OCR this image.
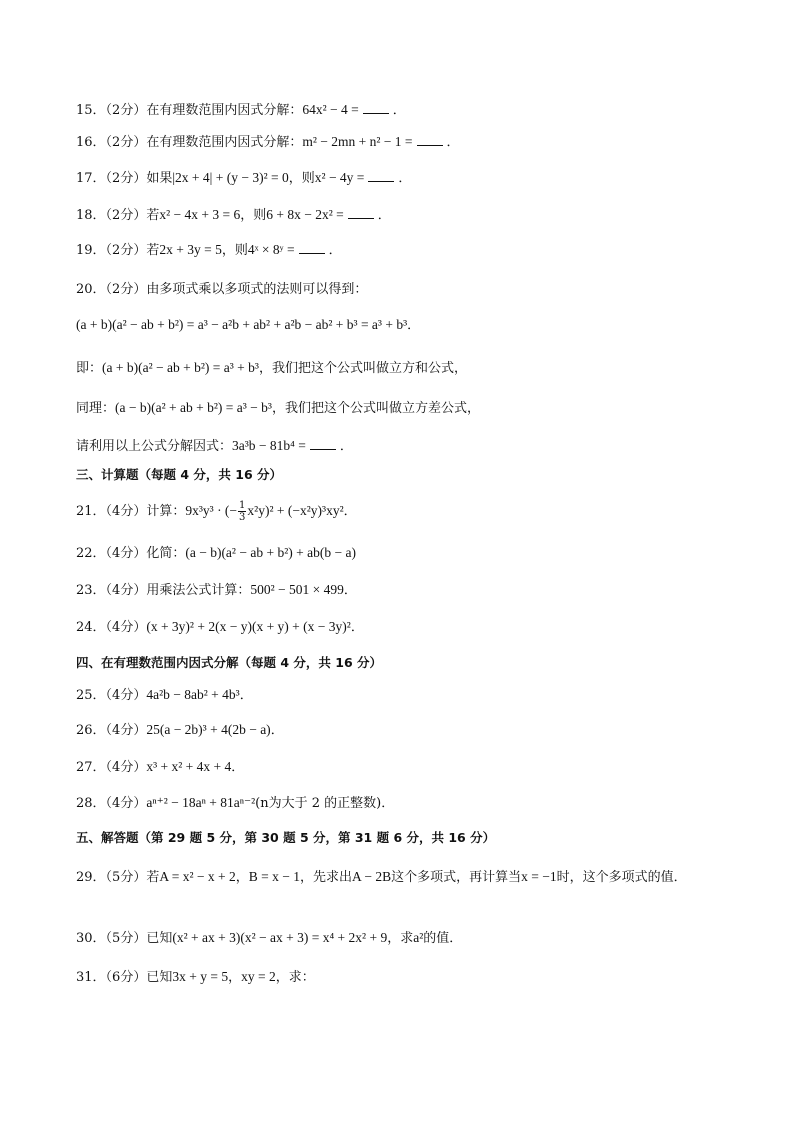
15．（2分）在有理数范围内因式分解：64x² − 4 =	．
16．（2分）在有理数范围内因式分解：m² − 2mn + n² − 1 =	．
17．（2分）如果|2x + 4| + (y − 3)² = 0，则x² − 4y =	．
18．（2分）若x² − 4x + 3 = 6，则6 + 8x − 2x² =	．
19．（2分）若2x + 3y = 5，则4ˣ × 8ʸ =	．
20．（2分）由多项式乘以多项式的法则可以得到：
(a + b)(a² − ab + b²) = a³ − a²b + ab² + a²b − ab² + b³ = a³ + b³．
即：(a + b)(a² − ab + b²) = a³ + b³，我们把这个公式叫做立方和公式，
同理：(a − b)(a² + ab + b²) = a³ − b³，我们把这个公式叫做立方差公式，
请利用以上公式分解因式：3a³b − 81b⁴ =	．
三、计算题（每题 4 分，共 16 分）
21．（4分）计算：9x³y³ · (− $\frac{1}{3} x^2y)^2 + (-x^2y)^3xy^2$．
22．（4分）化简：(a − b)(a² − ab + b²) + ab(b − a)
23．（4分）用乘法公式计算：500² − 501 × 499．
24．（4分）(x + 3y)² + 2(x − y)(x + y) + (x − 3y)²．
四、在有理数范围内因式分解（每题 4 分，共 16 分）
25．（4分）4a²b − 8ab² + 4b³．
26．（4分）25(a − 2b)³ + 4(2b − a)．
27．（4分）x³ + x² + 4x + 4．
28．（4分）aⁿ⁺² − 18aⁿ + 81aⁿ⁻²(n为大于 2 的正整数)．
五、解答题（第 29 题 5 分，第 30 题 5 分，第 31 题 6 分，共 16 分）
29．（5分）若A = x² − x + 2，B = x − 1，先求出A − 2B这个多项式，再计算当x = −1时，这个多项式的值．
30．（5分）已知(x² + ax + 3)(x² − ax + 3) = x⁴ + 2x² + 9，求a²的值．
31．（6分）已知3x + y = 5，xy = 2，求：
